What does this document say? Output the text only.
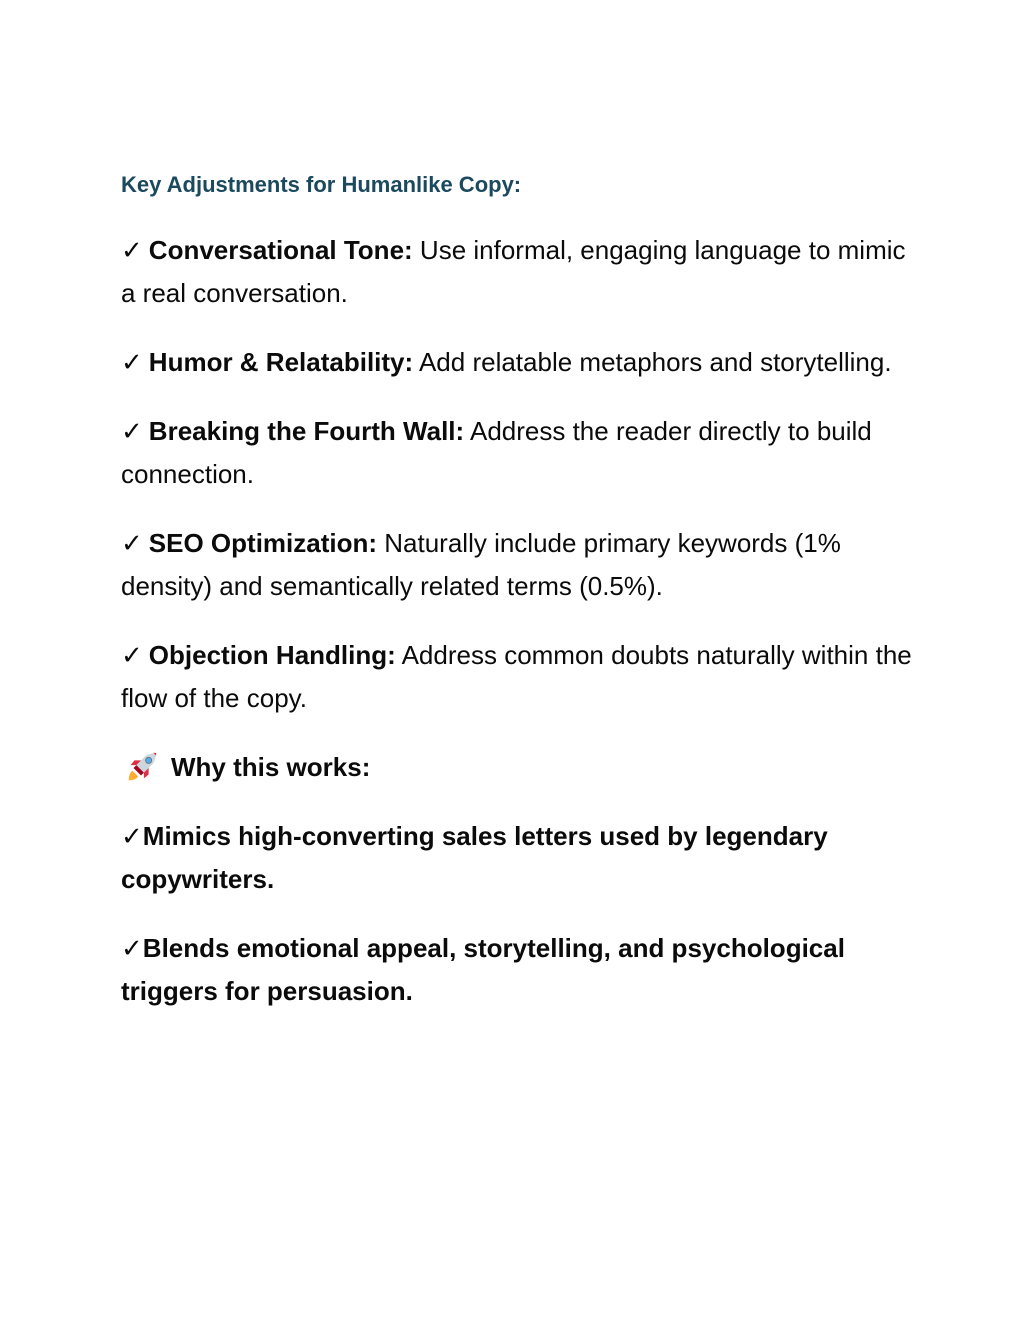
Key Adjustments for Humanlike Copy:
✓ Conversational Tone: Use informal, engaging language to mimic a real conversation.
✓ Humor & Relatability: Add relatable metaphors and storytelling.
✓ Breaking the Fourth Wall: Address the reader directly to build connection.
✓ SEO Optimization: Naturally include primary keywords (1% density) and semantically related terms (0.5%).
✓ Objection Handling: Address common doubts naturally within the flow of the copy.
Why this works:
✓Mimics high-converting sales letters used by legendary copywriters.
✓Blends emotional appeal, storytelling, and psychological triggers for persuasion.
